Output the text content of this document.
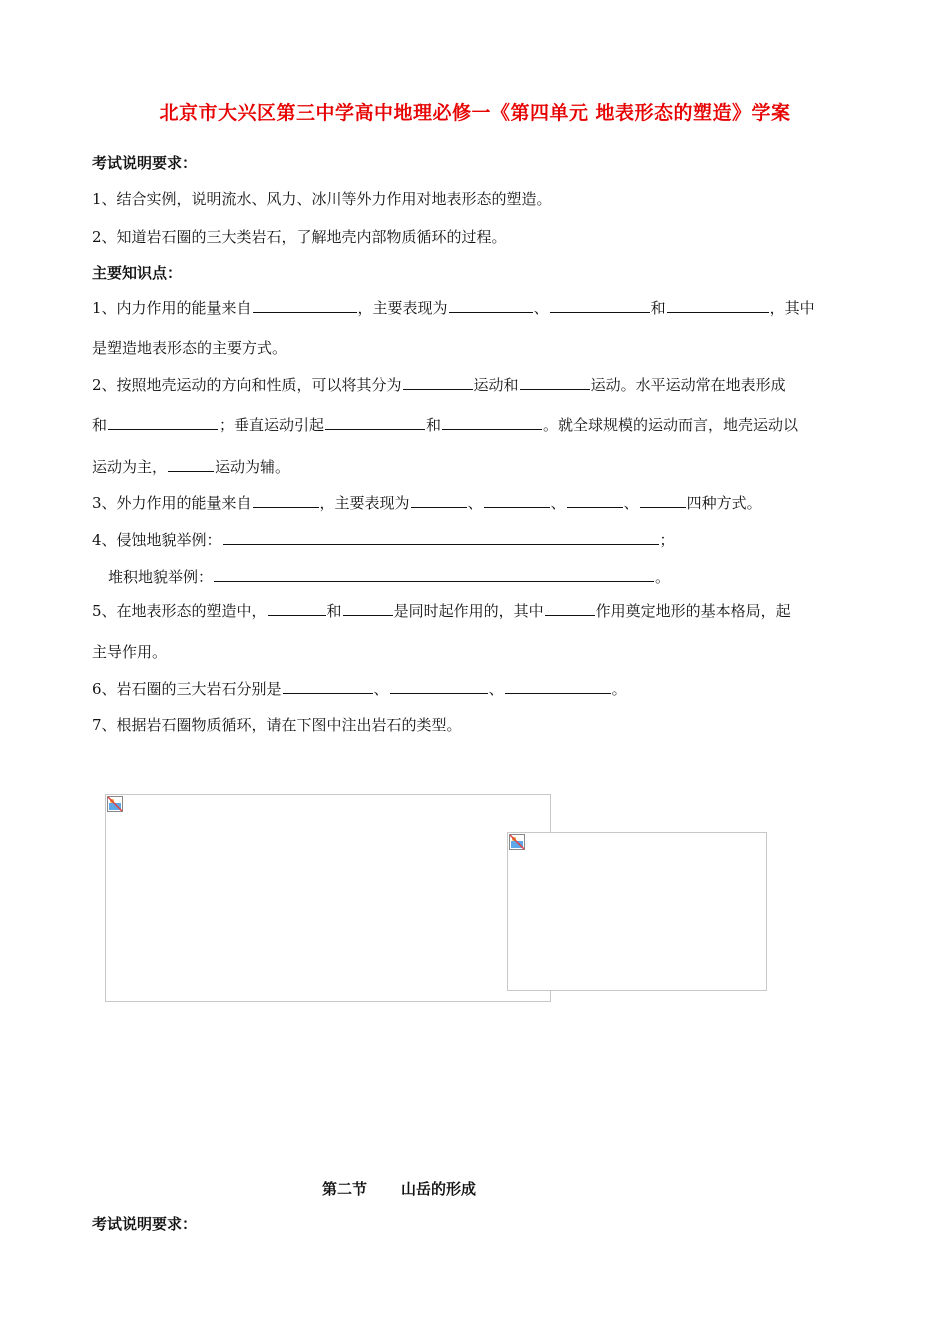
北京市大兴区第三中学高中地理必修一《第四单元 地表形态的塑造》学案
考试说明要求：
1、结合实例，说明流水、风力、冰川等外力作用对地表形态的塑造。
2、知道岩石圈的三大类岩石，了解地壳内部物质循环的过程。
主要知识点：
1、内力作用的能量来自	，主要表现为	、	和	，其中
是塑造地表形态的主要方式。
2、按照地壳运动的方向和性质，可以将其分为	运动和	运动。水平运动常在地表形成
和	；垂直运动引起	和	。就全球规模的运动而言，地壳运动以
运动为主，	运动为辅。
3、外力作用的能量来自	，主要表现为	、	、	、	四种方式。
4、侵蚀地貌举例：	；
堆积地貌举例：	。
5、在地表形态的塑造中，	和	是同时起作用的，其中	作用奠定地形的基本格局，起
主导作用。
6、岩石圈的三大岩石分别是	、	、	。
7、根据岩石圈物质循环，请在下图中注出岩石的类型。
第二节 山岳的形成
考试说明要求：
